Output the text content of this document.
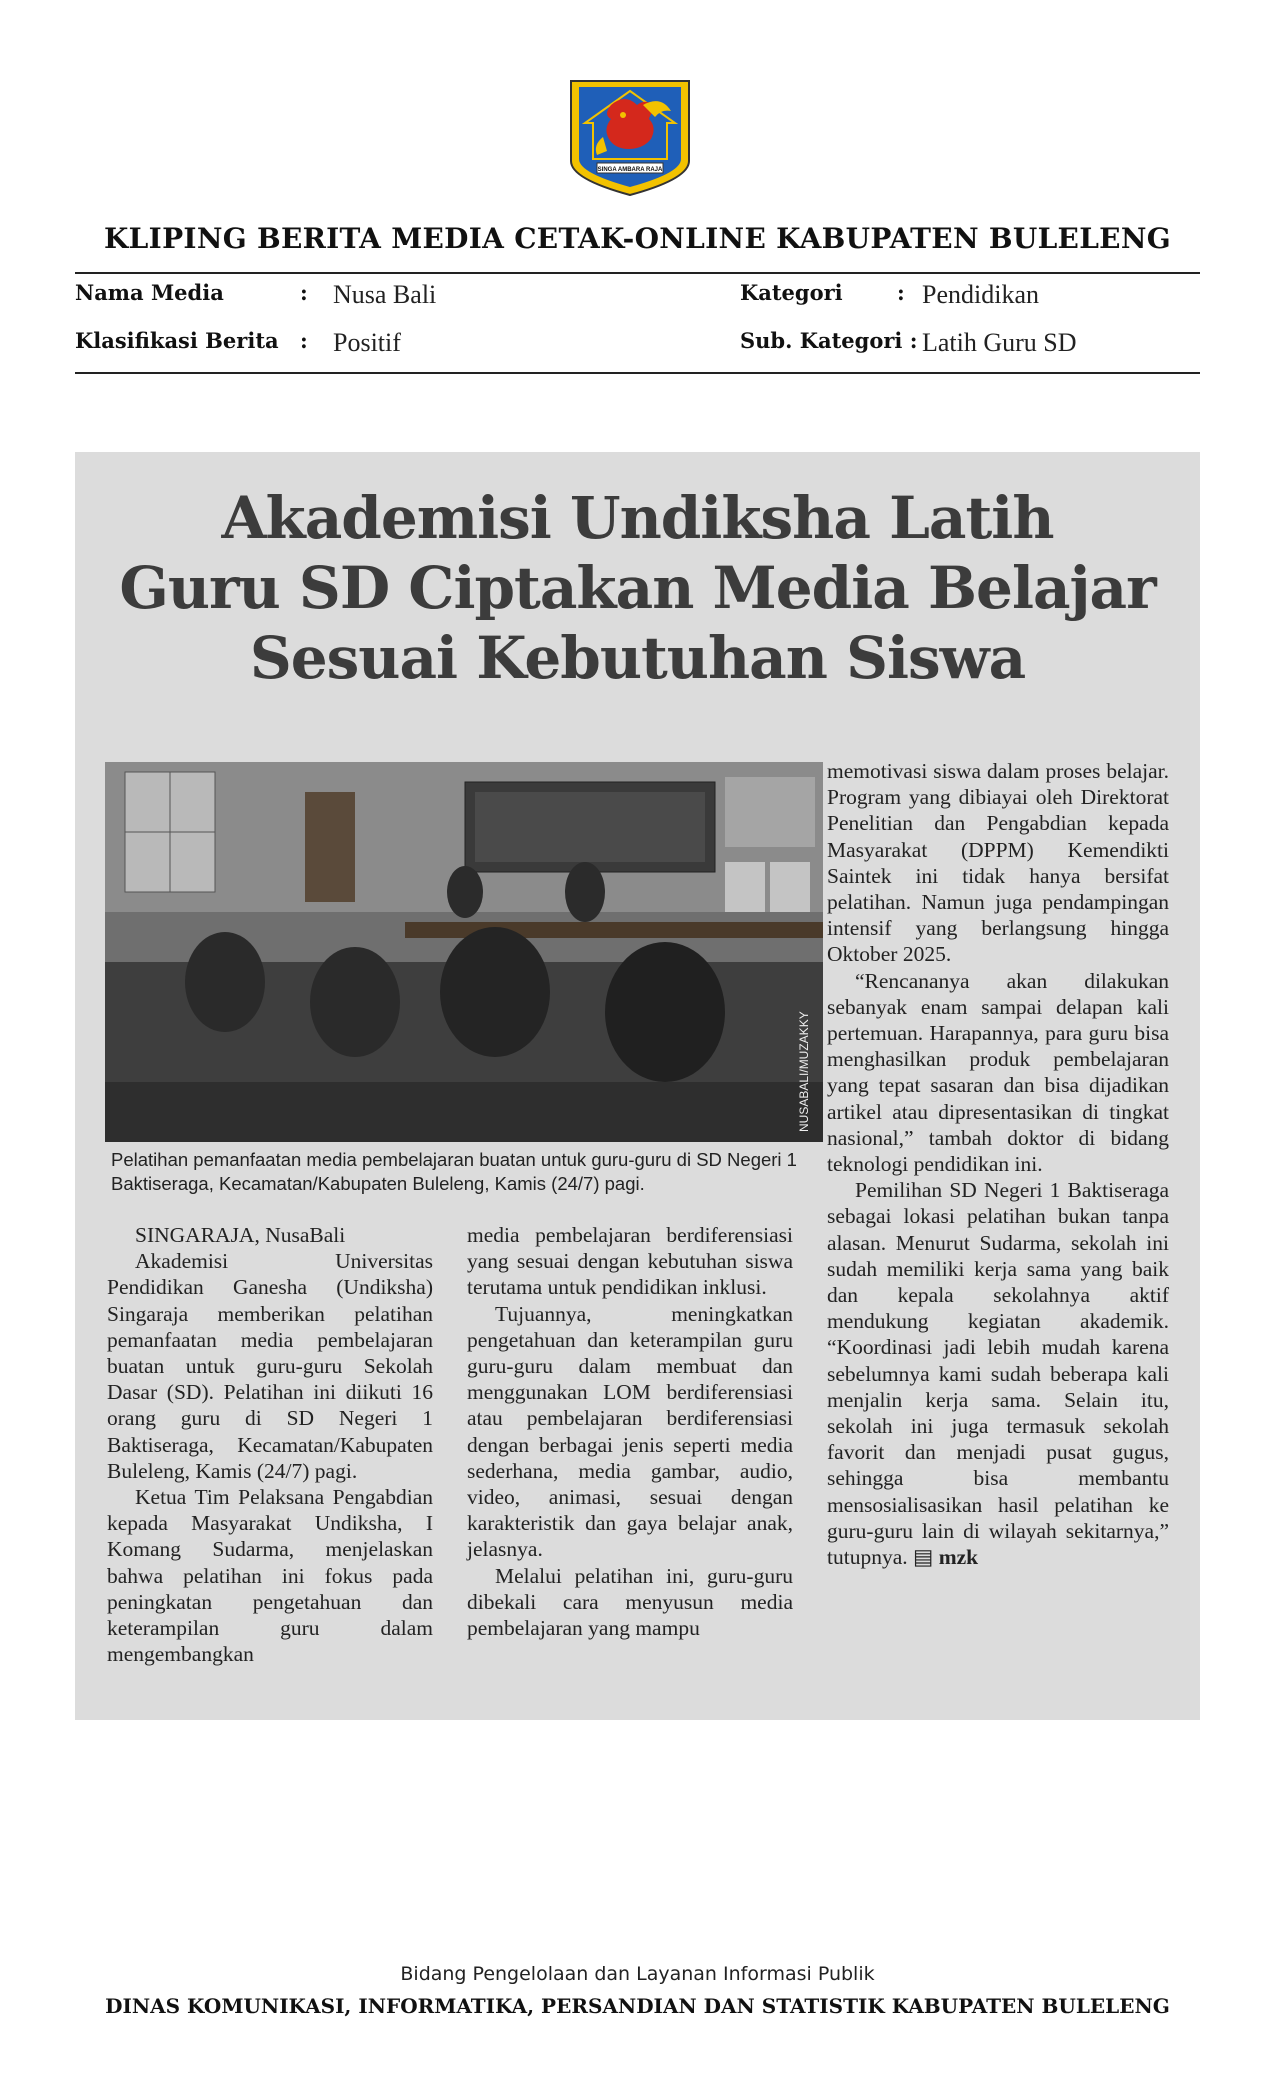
SINGA AMBARA RAJA
KLIPING BERITA MEDIA CETAK-ONLINE KABUPATEN BULELENG
Nama Media	: Nusa Bali	Kategori	: Pendidikan
Klasifikasi Berita : Positif	Sub. Kategori : Latih Guru SD
Akademisi Undiksha Latih
Guru SD Ciptakan Media Belajar
Sesuai Kebutuhan Siswa
NUSABALI/MUZAKKY
Pelatihan pemanfaatan media pembelajaran buatan untuk guru-guru di SD Negeri 1 Baktiseraga, Kecamatan/Kabupaten Buleleng, Kamis (24/7) pagi.

SINGARAJA, NusaBali

Akademisi Universitas Pendidikan Ganesha (Undiksha) Singaraja memberikan pelatihan pemanfaatan media pembelajaran buatan untuk guru-guru Sekolah Dasar (SD). Pelatihan ini diikuti 16 orang guru di SD Negeri 1 Baktiseraga, Kecamatan/Kabupaten Buleleng, Kamis (24/7) pagi.

Ketua Tim Pelaksana Pengabdian kepada Masyarakat Undiksha, I Komang Sudarma, menjelaskan bahwa pelatihan ini fokus pada peningkatan pengetahuan dan keterampilan guru dalam mengembangkan

media pembelajaran berdiferensiasi yang sesuai dengan kebutuhan siswa terutama untuk pendidikan inklusi.

Tujuannya, meningkatkan pengetahuan dan keterampilan guru guru-guru dalam membuat dan menggunakan LOM berdiferensiasi atau pembelajaran berdiferensiasi dengan berbagai jenis seperti media sederhana, media gambar, audio, video, animasi, sesuai dengan karakteristik dan gaya belajar anak, jelasnya.

Melalui pelatihan ini, guru-guru dibekali cara menyusun media pembelajaran yang mampu

memotivasi siswa dalam proses belajar. Program yang dibiayai oleh Direktorat Penelitian dan Pengabdian kepada Masyarakat (DPPM) Kemendikti Saintek ini tidak hanya bersifat pelatihan. Namun juga pendampingan intensif yang berlangsung hingga Oktober 2025.

“Rencananya akan dilakukan sebanyak enam sampai delapan kali pertemuan. Harapannya, para guru bisa menghasilkan produk pembelajaran yang tepat sasaran dan bisa dijadikan artikel atau dipresentasikan di tingkat nasional,” tambah doktor di bidang teknologi pendidikan ini.

Pemilihan SD Negeri 1 Baktiseraga sebagai lokasi pelatihan bukan tanpa alasan. Menurut Sudarma, sekolah ini sudah memiliki kerja sama yang baik dan kepala sekolahnya aktif mendukung kegiatan akademik. “Koordinasi jadi lebih mudah karena sebelumnya kami sudah beberapa kali menjalin kerja sama. Selain itu, sekolah ini juga termasuk sekolah favorit dan menjadi pusat gugus, sehingga bisa membantu mensosialisasikan hasil pelatihan ke guru-guru lain di wilayah sekitarnya,” tutupnya. ▤ mzk

Bidang Pengelolaan dan Layanan Informasi Publik
DINAS KOMUNIKASI, INFORMATIKA, PERSANDIAN DAN STATISTIK KABUPATEN BULELENG
